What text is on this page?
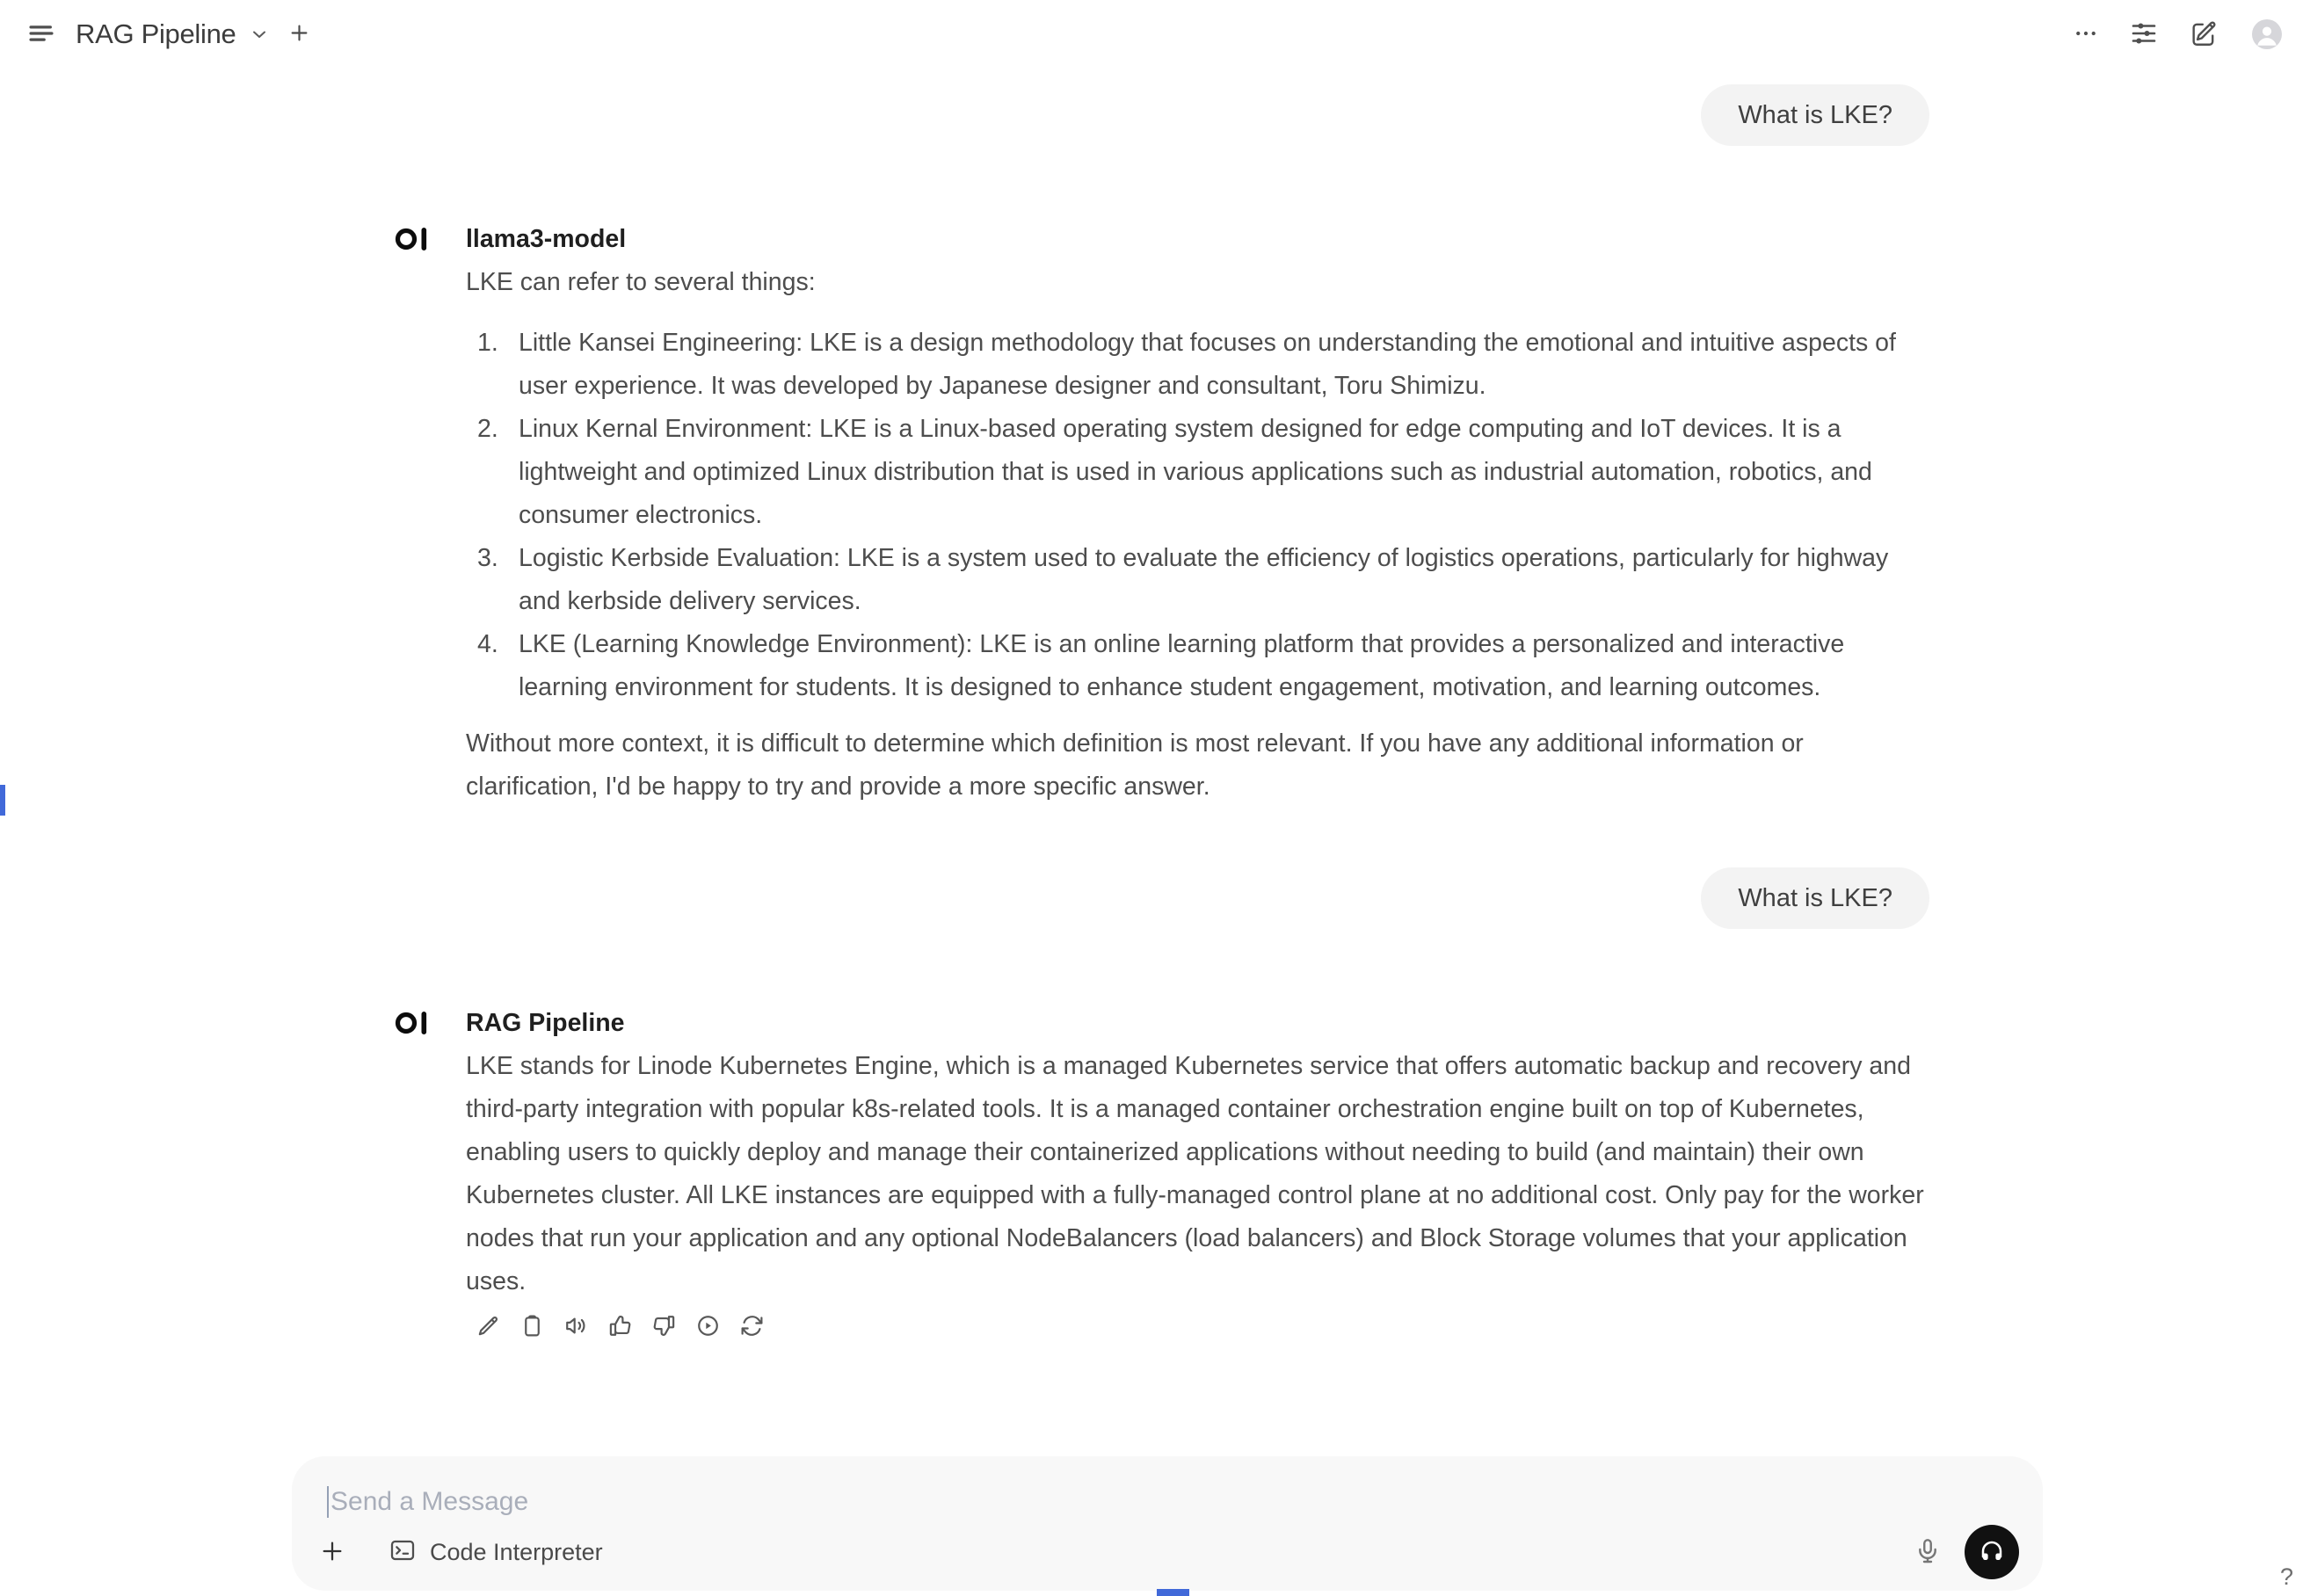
RAG Pipeline
What is LKE?
llama3-model
LKE can refer to several things:
1. Little Kansei Engineering: LKE is a design methodology that focuses on understanding the emotional and intuitive aspects of user experience. It was developed by Japanese designer and consultant, Toru Shimizu.
2. Linux Kernal Environment: LKE is a Linux-based operating system designed for edge computing and IoT devices. It is a lightweight and optimized Linux distribution that is used in various applications such as industrial automation, robotics, and consumer electronics.
3. Logistic Kerbside Evaluation: LKE is a system used to evaluate the efficiency of logistics operations, particularly for highway and kerbside delivery services.
4. LKE (Learning Knowledge Environment): LKE is an online learning platform that provides a personalized and interactive learning environment for students. It is designed to enhance student engagement, motivation, and learning outcomes.
Without more context, it is difficult to determine which definition is most relevant. If you have any additional information or clarification, I'd be happy to try and provide a more specific answer.
What is LKE?
RAG Pipeline
LKE stands for Linode Kubernetes Engine, which is a managed Kubernetes service that offers automatic backup and recovery and third-party integration with popular k8s-related tools. It is a managed container orchestration engine built on top of Kubernetes, enabling users to quickly deploy and manage their containerized applications without needing to build (and maintain) their own Kubernetes cluster. All LKE instances are equipped with a fully-managed control plane at no additional cost. Only pay for the worker nodes that run your application and any optional NodeBalancers (load balancers) and Block Storage volumes that your application uses.
Send a Message
Code Interpreter
?
